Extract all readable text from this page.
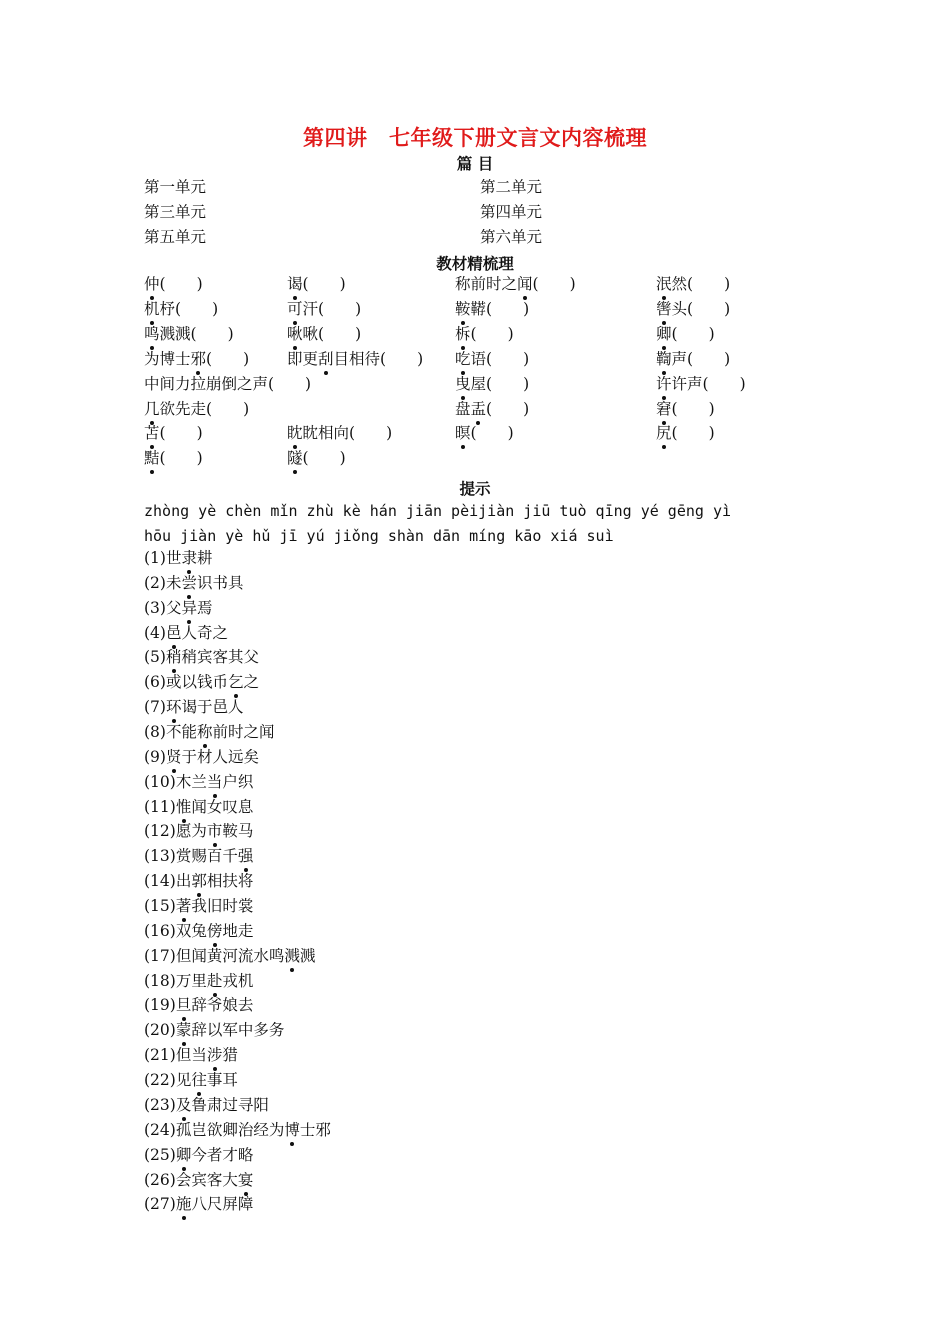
第四讲　七年级下册文言文内容梳理
篇 目
第一单元	第二单元
第三单元	第四单元
第五单元	第六单元
教材精梳理
仲(　　)	谒(　　)	称前时之闻(　　)	泯然(　　)
机杼(　　)	可汗(　　)	鞍鞯(　　)	辔头(　　)
鸣溅溅(　　)	啾啾(　　)	柝(　　)	卿(　　)
为博士邪(　　) 即更刮目相待(　　) 吃语(　　)	鞫声(　　)
中间力拉崩倒之声(　　)	曳屋(　　)	许许声(　　)
几欲先走(　　)	盘盂(　　)	窘(　　)
苫(　　)	眈眈相向(　　)	暝(　　)	尻(　　)
黠(　　)	隧(　　)
提示
zhòng yè chèn mǐn zhù kè hán jiān pèijiàn jiū tuò qīng yé gēng yì
hōu jiàn yè hǔ jī yú jiǒng shàn dān míng kāo xiá suì
(1)世隶耕
(2)未尝识书具
(3)父异焉
(4)邑人奇之
(5)稍稍宾客其父
(6)或以钱币乞之
(7)环谒于邑人
(8)不能称前时之闻
(9)贤于材人远矣
(10)木兰当户织
(11)惟闻女叹息
(12)愿为市鞍马
(13)赏赐百千强
(14)出郭相扶将
(15)著我旧时裳
(16)双兔傍地走
(17)但闻黄河流水鸣溅溅
(18)万里赴戎机
(19)旦辞爷娘去
(20)蒙辞以军中多务
(21)但当涉猎
(22)见往事耳
(23)及鲁肃过寻阳
(24)孤岂欲卿治经为博士邪
(25)卿今者才略
(26)会宾客大宴
(27)施八尺屏障
